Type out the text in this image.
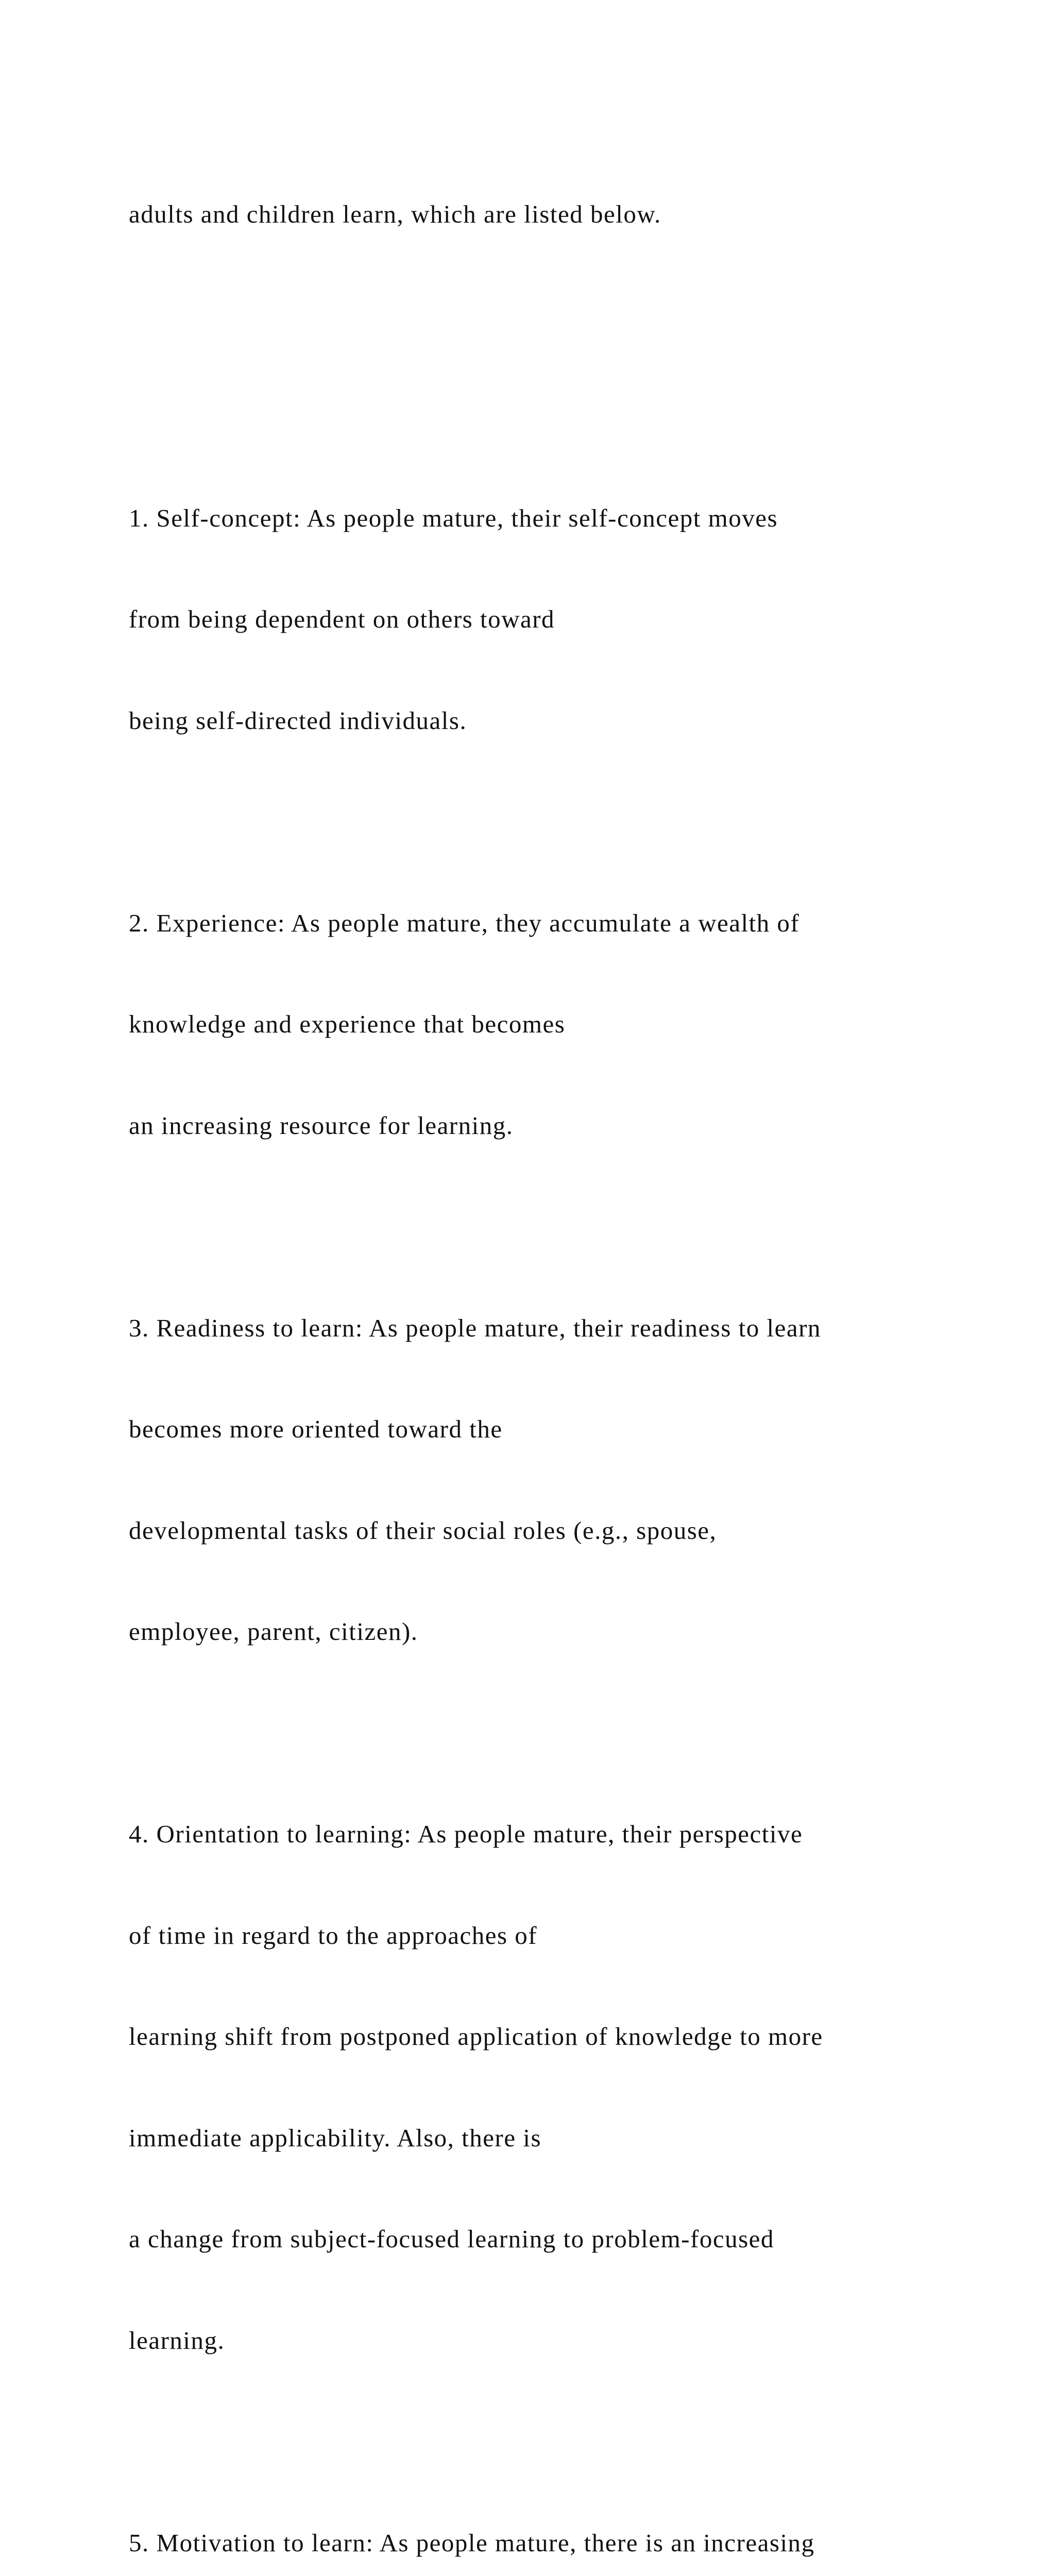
adults and children learn, which are listed below.

1. Self-concept: As people mature, their self-concept moves

from being dependent on others toward

being self-directed individuals.

2. Experience: As people mature, they accumulate a wealth of

knowledge and experience that becomes

an increasing resource for learning.

3. Readiness to learn: As people mature, their readiness to learn

becomes more oriented toward the

developmental tasks of their social roles (e.g., spouse,

employee, parent, citizen).

4. Orientation to learning: As people mature, their perspective

of time in regard to the approaches of

learning shift from postponed application of knowledge to more

immediate applicability. Also, there is

a change from subject-focused learning to problem-focused

learning.

5. Motivation to learn: As people mature, there is an increasing
